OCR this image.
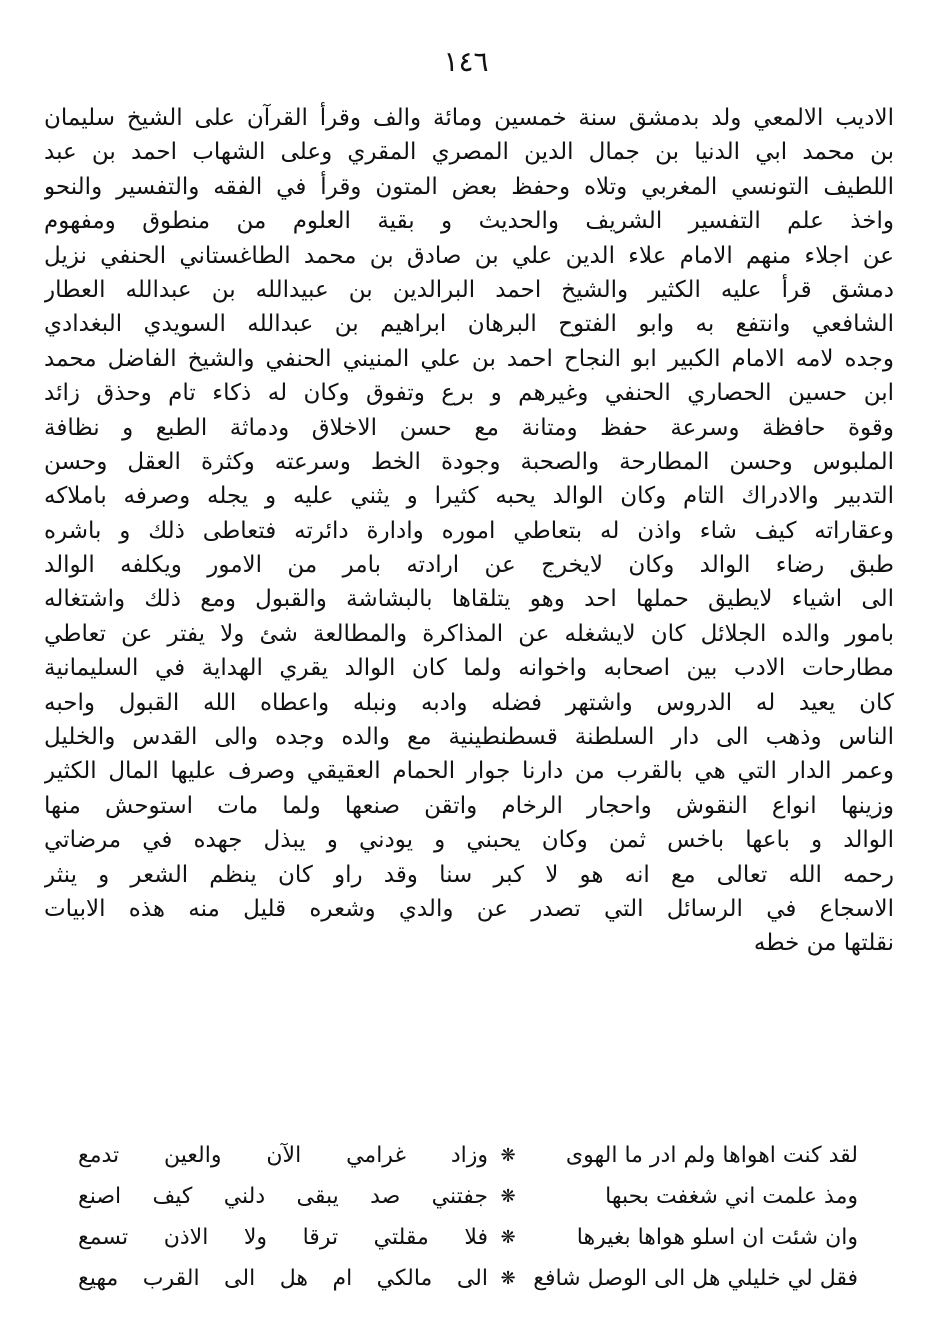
١٤٦
الاديب الالمعي ولد بدمشق سنة خمسين ومائة والف وقرأ القرآن على الشيخ سليمان
بن محمد ابي الدنيا بن جمال الدين المصري المقري وعلى الشهاب احمد بن عبد
اللطيف التونسي المغربي وتلاه وحفظ بعض المتون وقرأ في الفقه والتفسير والنحو
واخذ علم التفسير الشريف والحديث و بقية العلوم من منطوق ومفهوم
عن اجلاء منهم الامام علاء الدين علي بن صادق بن محمد الطاغستاني الحنفي نزيل
دمشق قرأ عليه الكثير والشيخ احمد البرالدين بن عبيدالله بن عبدالله العطار
الشافعي وانتفع به وابو الفتوح البرهان ابراهيم بن عبدالله السويدي البغدادي
وجده لامه الامام الكبير ابو النجاح احمد بن علي المنيني الحنفي والشيخ الفاضل محمد
ابن حسين الحصاري الحنفي وغيرهم و برع وتفوق وكان له ذكاء تام وحذق زائد
وقوة حافظة وسرعة حفظ ومتانة مع حسن الاخلاق ودماثة الطبع و نظافة
الملبوس وحسن المطارحة والصحبة وجودة الخط وسرعته وكثرة العقل وحسن
التدبير والادراك التام وكان الوالد يحبه كثيرا و يثني عليه و يجله وصرفه باملاكه
وعقاراته كيف شاء واذن له بتعاطي اموره وادارة دائرته فتعاطى ذلك و باشره
طبق رضاء الوالد وكان لايخرج عن ارادته بامر من الامور ويكلفه الوالد
الى اشياء لايطيق حملها احد وهو يتلقاها بالبشاشة والقبول ومع ذلك واشتغاله
بامور والده الجلائل كان لايشغله عن المذاكرة والمطالعة شئ ولا يفتر عن تعاطي
مطارحات الادب بين اصحابه واخوانه ولما كان الوالد يقري الهداية في السليمانية
كان يعيد له الدروس واشتهر فضله وادبه ونبله واعطاه الله القبول واحبه
الناس وذهب الى دار السلطنة قسطنطينية مع والده وجده والى القدس والخليل
وعمر الدار التي هي بالقرب من دارنا جوار الحمام العقيقي وصرف عليها المال الكثير
وزينها انواع النقوش واحجار الرخام واتقن صنعها ولما مات استوحش منها
الوالد و باعها باخس ثمن وكان يحبني و يودني و يبذل جهده في مرضاتي
رحمه الله تعالى مع انه هو لا كبر سنا وقد راو كان ينظم الشعر و ينثر
الاسجاع في الرسائل التي تصدر عن والدي وشعره قليل منه هذه الابيات
نقلتها من خطه
لقد كنت اهواها ولم ادر ما الهوى
❋
وزاد غرامي الآن والعين تدمع
ومذ علمت اني شغفت بحبها
❋
جفتني صد يبقى دلني كيف اصنع
وان شئت ان اسلو هواها بغيرها
❋
فلا مقلتي ترقا ولا الاذن تسمع
فقل لي خليلي هل الى الوصل شافع
❋
الى مالكي ام هل الى القرب مهيع
